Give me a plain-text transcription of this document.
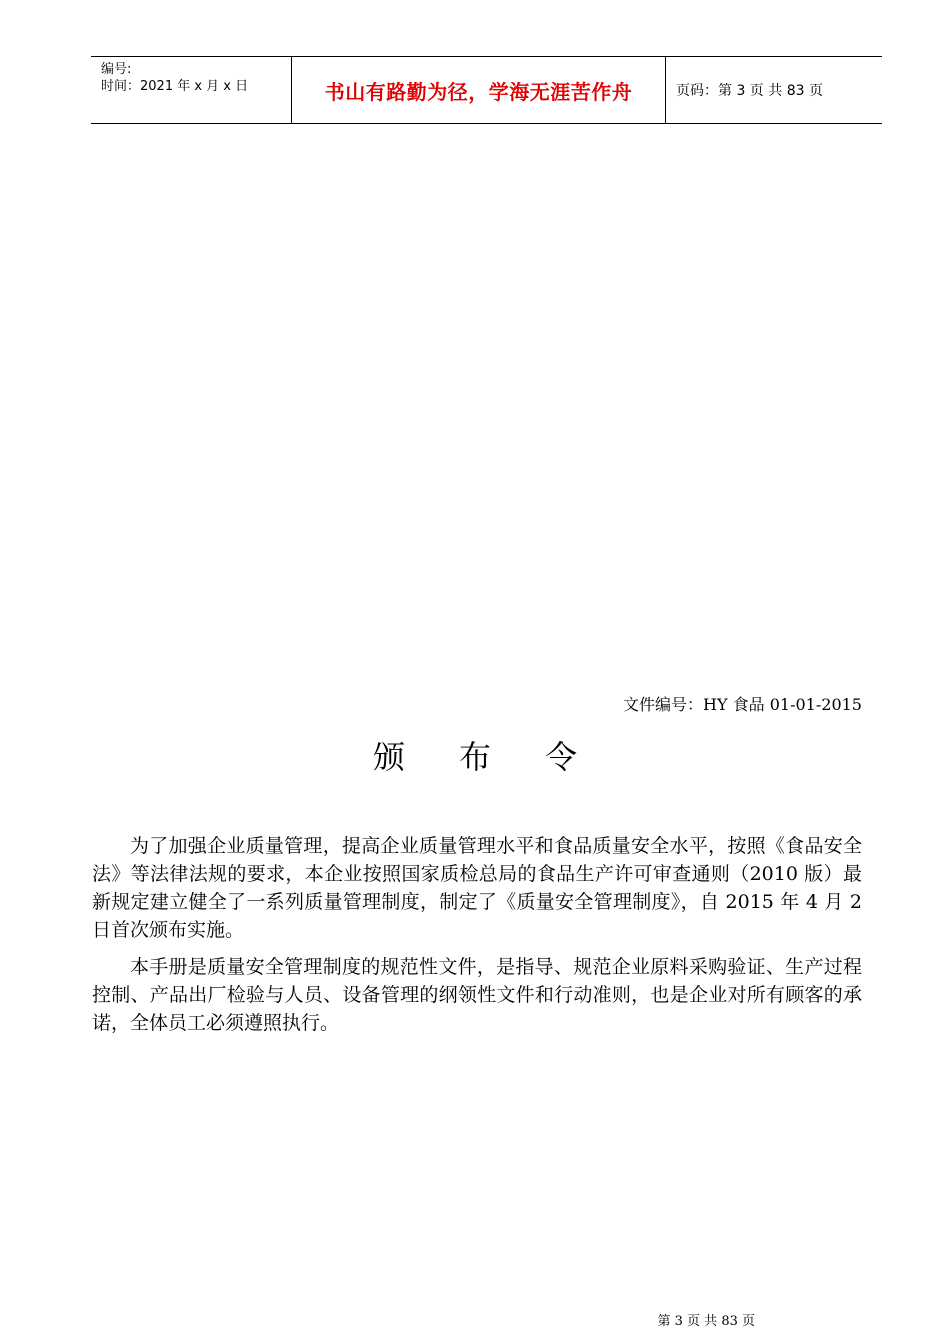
编号:
时间：2021 年 x 月 x 日	书山有路勤为径，学海无涯苦作舟	页码：第 3 页 共 83 页
文件编号：HY 食品 01-01-2015
颁布令

为了加强企业质量管理，提高企业质量管理水平和食品质量安全水平，按照《食品安全法》等法律法规的要求，本企业按照国家质检总局的食品生产许可审查通则（2010 版）最新规定建立健全了一系列质量管理制度，制定了《质量安全管理制度》，自 2015 年 4 月 2 日首次颁布实施。

本手册是质量安全管理制度的规范性文件，是指导、规范企业原料采购验证、生产过程控制、产品出厂检验与人员、设备管理的纲领性文件和行动准则，也是企业对所有顾客的承诺，全体员工必须遵照执行。

第 3 页 共 83 页
